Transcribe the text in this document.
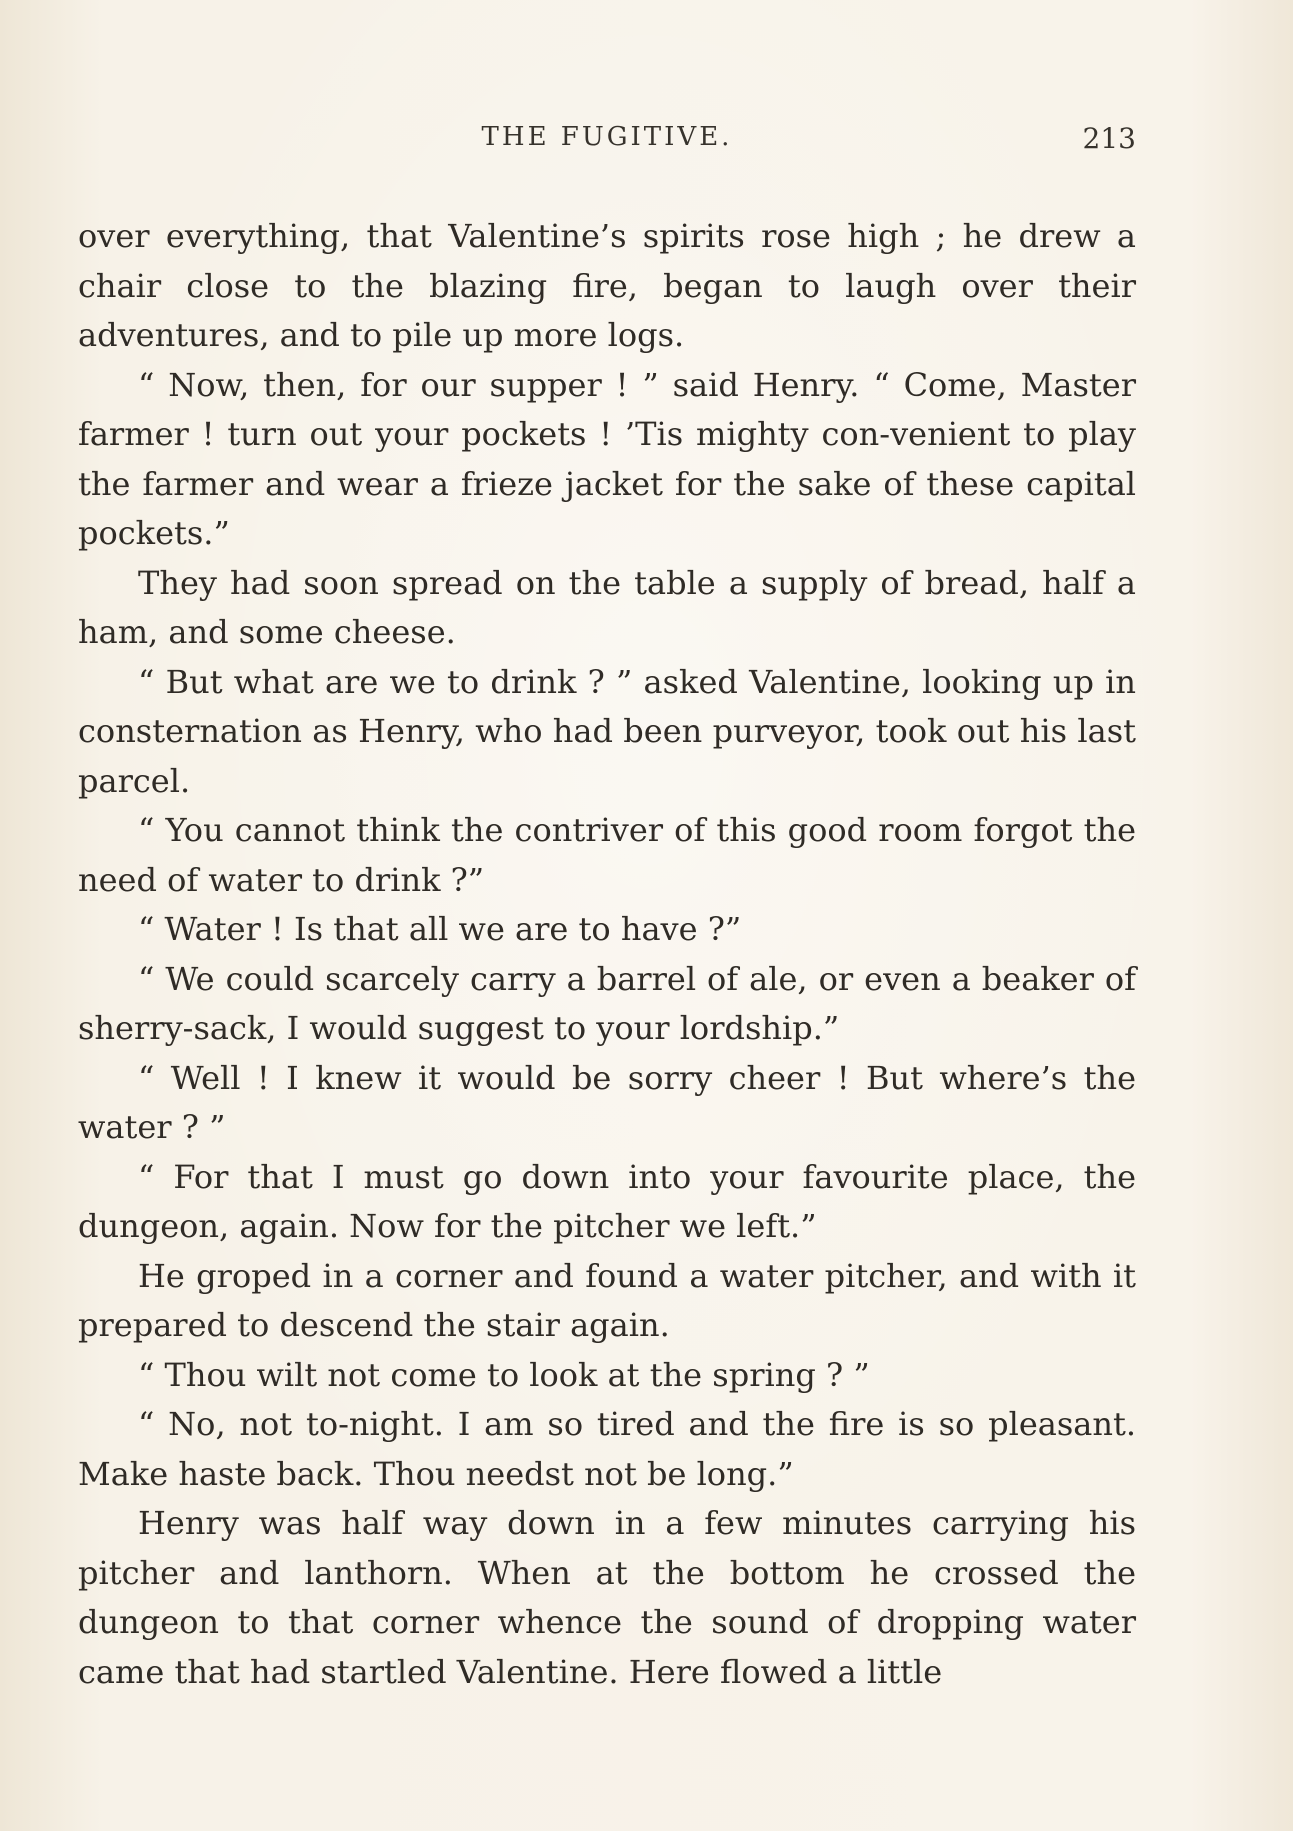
THE FUGITIVE.	213

over everything, that Valentine’s spirits rose high ; he drew a chair close to the blazing fire, began to laugh over their adventures, and to pile up more logs.

“ Now, then, for our supper ! ” said Henry. “ Come, Master farmer ! turn out your pockets ! ’Tis mighty con-venient to play the farmer and wear a frieze jacket for the sake of these capital pockets.”

They had soon spread on the table a supply of bread, half a ham, and some cheese.

“ But what are we to drink ? ” asked Valentine, looking up in consternation as Henry, who had been purveyor, took out his last parcel.

“ You cannot think the contriver of this good room forgot the need of water to drink ?”

“ Water ! Is that all we are to have ?”

“ We could scarcely carry a barrel of ale, or even a beaker of sherry-sack, I would suggest to your lordship.”

“ Well ! I knew it would be sorry cheer ! But where’s the water ? ”

“ For that I must go down into your favourite place, the dungeon, again. Now for the pitcher we left.”

He groped in a corner and found a water pitcher, and with it prepared to descend the stair again.

“ Thou wilt not come to look at the spring ? ”

“ No, not to-night. I am so tired and the fire is so pleasant. Make haste back. Thou needst not be long.”

Henry was half way down in a few minutes carrying his pitcher and lanthorn. When at the bottom he crossed the dungeon to that corner whence the sound of dropping water came that had startled Valentine. Here flowed a little
